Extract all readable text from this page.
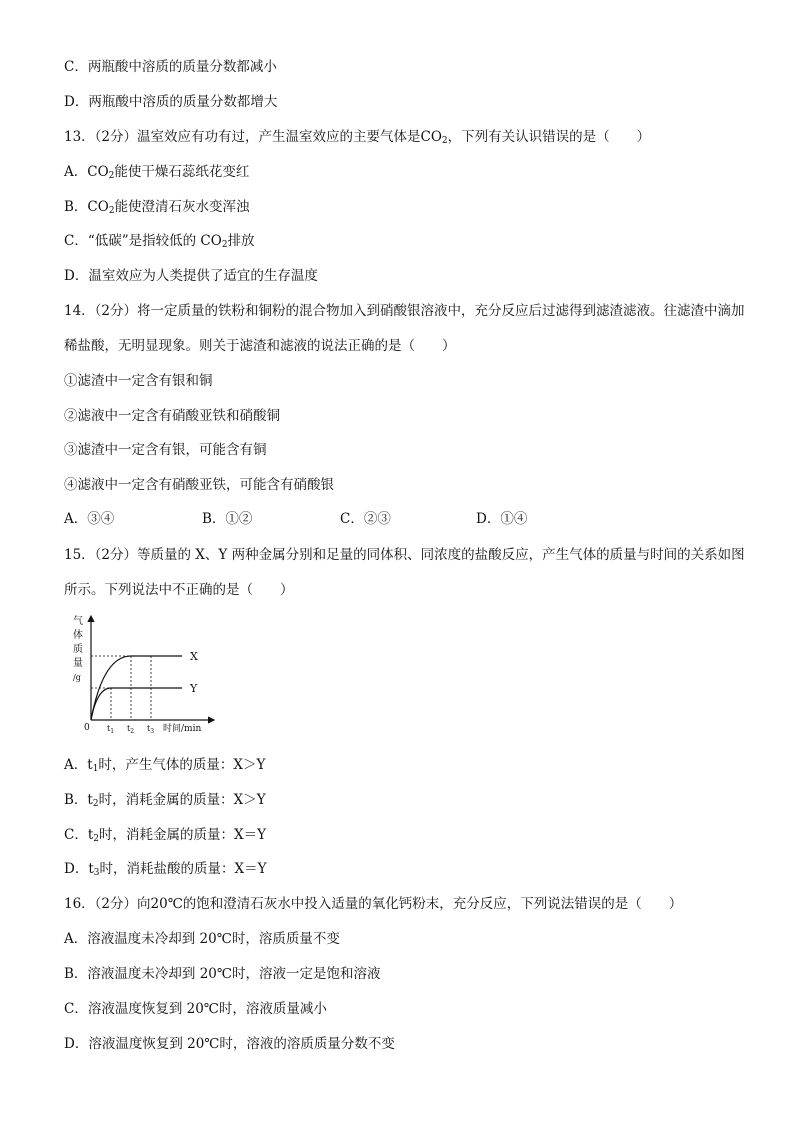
C．两瓶酸中溶质的质量分数都减小
D．两瓶酸中溶质的质量分数都增大
13．（2分）温室效应有功有过，产生温室效应的主要气体是$CO_2$，下列有关认识错误的是（　　）
A．$CO_2$能使干燥石蕊纸花变红
B．$CO_2$能使澄清石灰水变浑浊
C．“低碳”是指较低的 $CO_2$排放
D．温室效应为人类提供了适宜的生存温度
14．（2分）将一定质量的铁粉和铜粉的混合物加入到硝酸银溶液中，充分反应后过滤得到滤渣滤液。往滤渣中滴加
稀盐酸，无明显现象。则关于滤渣和滤液的说法正确的是（　　）
①滤渣中一定含有银和铜
②滤液中一定含有硝酸亚铁和硝酸铜
③滤渣中一定含有银，可能含有铜
④滤液中一定含有硝酸亚铁，可能含有硝酸银
A．③④	B．①②	C．②③	D．①④
15．（2分）等质量的 X、Y 两种金属分别和足量的同体积、同浓度的盐酸反应，产生气体的质量与时间的关系如图
所示。下列说法中不正确的是（　　）
气
体
质
量
/g
0	时间/min
$t_1$ $t_2$ $t_3$
X
Y
A．$t_1$时，产生气体的质量：X＞Y
B．$t_2$时，消耗金属的质量：X＞Y
C．$t_2$时，消耗金属的质量：X＝Y
D．$t_3$时，消耗盐酸的质量：X＝Y
16．（2分）向20℃的饱和澄清石灰水中投入适量的氧化钙粉末，充分反应，下列说法错误的是（　　）
A．溶液温度未冷却到 20℃时，溶质质量不变
B．溶液温度未冷却到 20℃时，溶液一定是饱和溶液
C．溶液温度恢复到 20℃时，溶液质量减小
D．溶液温度恢复到 20℃时，溶液的溶质质量分数不变
